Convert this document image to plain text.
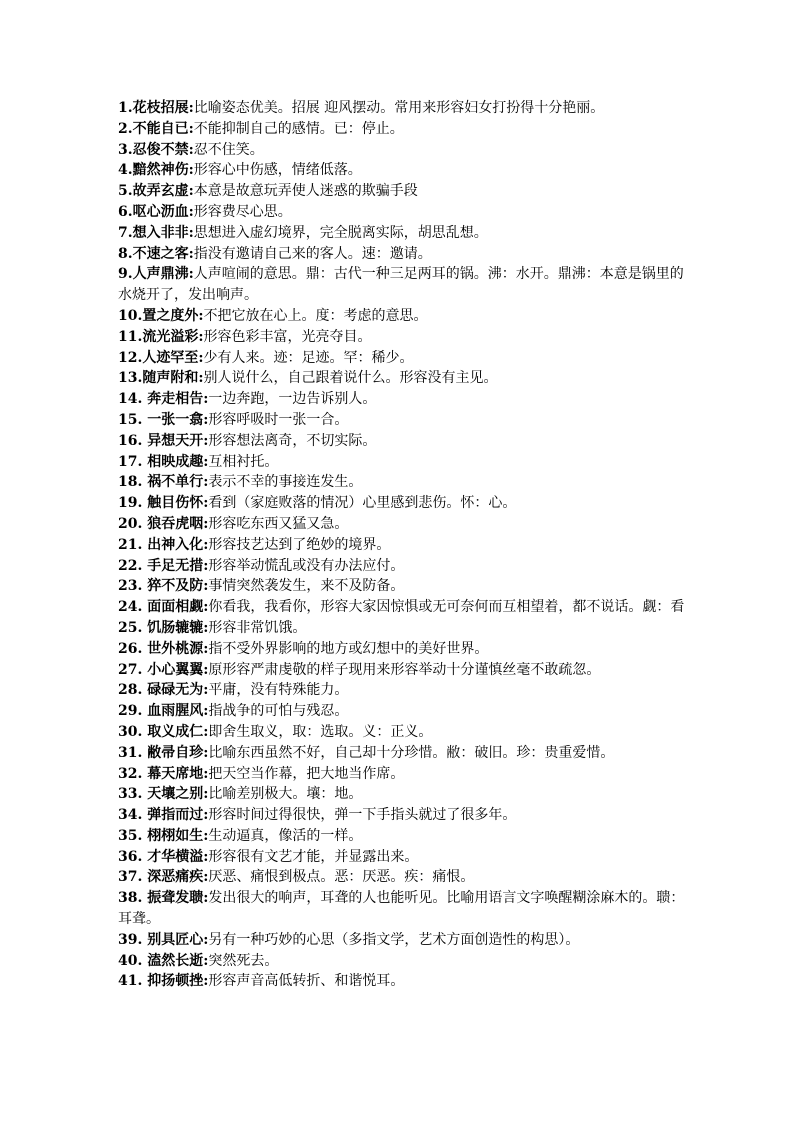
1.花枝招展:比喻姿态优美。招展 迎风摆动。常用来形容妇女打扮得十分艳丽。

2.不能自已:不能抑制自己的感情。已：停止。

3.忍俊不禁:忍不住笑。

4.黯然神伤:形容心中伤感，情绪低落。

5.故弄玄虚:本意是故意玩弄使人迷惑的欺骗手段

6.呕心沥血:形容费尽心思。

7.想入非非:思想进入虚幻境界，完全脱离实际，胡思乱想。

8.不速之客:指没有邀请自己来的客人。速：邀请。

9.人声鼎沸:人声喧闹的意思。鼎：古代一种三足两耳的锅。沸：水开。鼎沸：本意是锅里的水烧开了，发出响声。

10.置之度外:不把它放在心上。度：考虑的意思。

11.流光溢彩:形容色彩丰富，光亮夺目。

12.人迹罕至:少有人来。迹：足迹。罕：稀少。

13.随声附和:别人说什么，自己跟着说什么。形容没有主见。

14. 奔走相告:一边奔跑，一边告诉别人。

15. 一张一翕:形容呼吸时一张一合。

16. 异想天开:形容想法离奇，不切实际。

17. 相映成趣:互相衬托。

18. 祸不单行:表示不幸的事接连发生。

19. 触目伤怀:看到（家庭败落的情况）心里感到悲伤。怀：心。

20. 狼吞虎咽:形容吃东西又猛又急。

21. 出神入化:形容技艺达到了绝妙的境界。

22. 手足无措:形容举动慌乱或没有办法应付。

23. 猝不及防:事情突然袭发生，来不及防备。

24. 面面相觑:你看我，我看你，形容大家因惊惧或无可奈何而互相望着，都不说话。觑：看

25. 饥肠辘辘:形容非常饥饿。

26. 世外桃源:指不受外界影响的地方或幻想中的美好世界。

27. 小心翼翼:原形容严肃虔敬的样子现用来形容举动十分谨慎丝毫不敢疏忽。

28. 碌碌无为:平庸，没有特殊能力。

29. 血雨腥风:指战争的可怕与残忍。

30. 取义成仁:即舍生取义，取：选取。义：正义。

31. 敝帚自珍:比喻东西虽然不好，自己却十分珍惜。敝：破旧。珍：贵重爱惜。

32. 幕天席地:把天空当作幕，把大地当作席。

33. 天壤之别:比喻差别极大。壤：地。

34. 弹指而过:形容时间过得很快，弹一下手指头就过了很多年。

35. 栩栩如生:生动逼真，像活的一样。

36. 才华横溢:形容很有文艺才能，并显露出来。

37. 深恶痛疾:厌恶、痛恨到极点。恶：厌恶。疾：痛恨。

38. 振聋发聩:发出很大的响声，耳聋的人也能听见。比喻用语言文字唤醒糊涂麻木的。聩：耳聋。

39. 别具匠心:另有一种巧妙的心思（多指文学，艺术方面创造性的构思）。

40. 溘然长逝:突然死去。

41. 抑扬顿挫:形容声音高低转折、和谐悦耳。
